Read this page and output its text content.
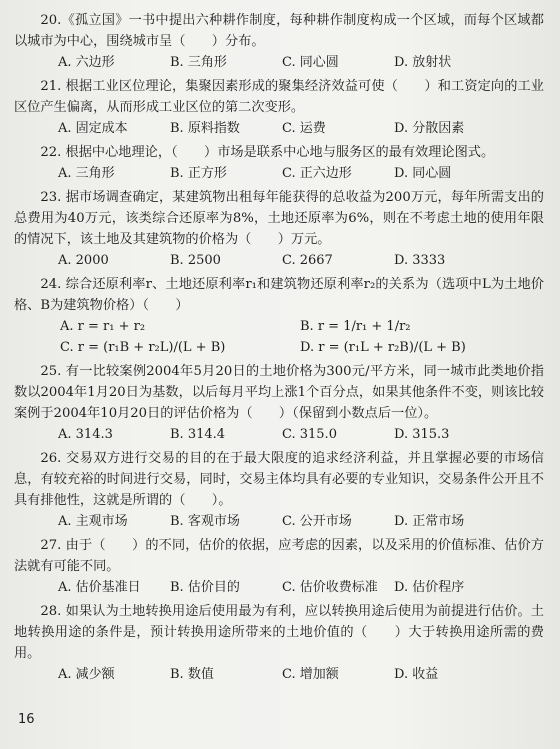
20.《孤立国》一书中提出六种耕作制度，每种耕作制度构成一个区域，而每个区域都以城市为中心，围绕城市呈（　　）分布。

A. 六边形	B. 三角形	C. 同心圆	D. 放射状

21. 根据工业区位理论，集聚因素形成的聚集经济效益可使（　　）和工资定向的工业区位产生偏离，从而形成工业区位的第二次变形。

A. 固定成本	B. 原料指数	C. 运费	D. 分散因素

22. 根据中心地理论，（　　）市场是联系中心地与服务区的最有效理论图式。

A. 三角形	B. 正方形	C. 正六边形	D. 同心圆

23. 据市场调查确定，某建筑物出租每年能获得的总收益为200万元，每年所需支出的总费用为40万元，该类综合还原率为8%，土地还原率为6%，则在不考虑土地的使用年限的情况下，该土地及其建筑物的价格为（　　）万元。

A. 2000	B. 2500	C. 2667	D. 3333

24. 综合还原利率r、土地还原利率r₁和建筑物还原利率r₂的关系为（选项中L为土地价格、B为建筑物价格）（　　）

A. r = r₁ + r₂	B. r = 1/r₁ + 1/r₂
C. r = (r₁B + r₂L)/(L + B)	D. r = (r₁L + r₂B)/(L + B)

25. 有一比较案例2004年5月20日的土地价格为300元/平方米，同一城市此类地价指数以2004年1月20日为基数，以后每月平均上涨1个百分点，如果其他条件不变，则该比较案例于2004年10月20日的评估价格为（　　）（保留到小数点后一位）。

A. 314.3	B. 314.4	C. 315.0	D. 315.3

26. 交易双方进行交易的目的在于最大限度的追求经济利益，并且掌握必要的市场信息，有较充裕的时间进行交易，同时，交易主体均具有必要的专业知识，交易条件公开且不具有排他性，这就是所谓的（　　）。

A. 主观市场	B. 客观市场	C. 公开市场	D. 正常市场

27. 由于（　　）的不同，估价的依据，应考虑的因素，以及采用的价值标准、估价方法就有可能不同。

A. 估价基准日	B. 估价目的	C. 估价收费标准	D. 估价程序

28. 如果认为土地转换用途后使用最为有利，应以转换用途后使用为前提进行估价。土地转换用途的条件是，预计转换用途所带来的土地价值的（　　）大于转换用途所需的费用。

A. 减少额	B. 数值	C. 增加额	D. 收益
16
